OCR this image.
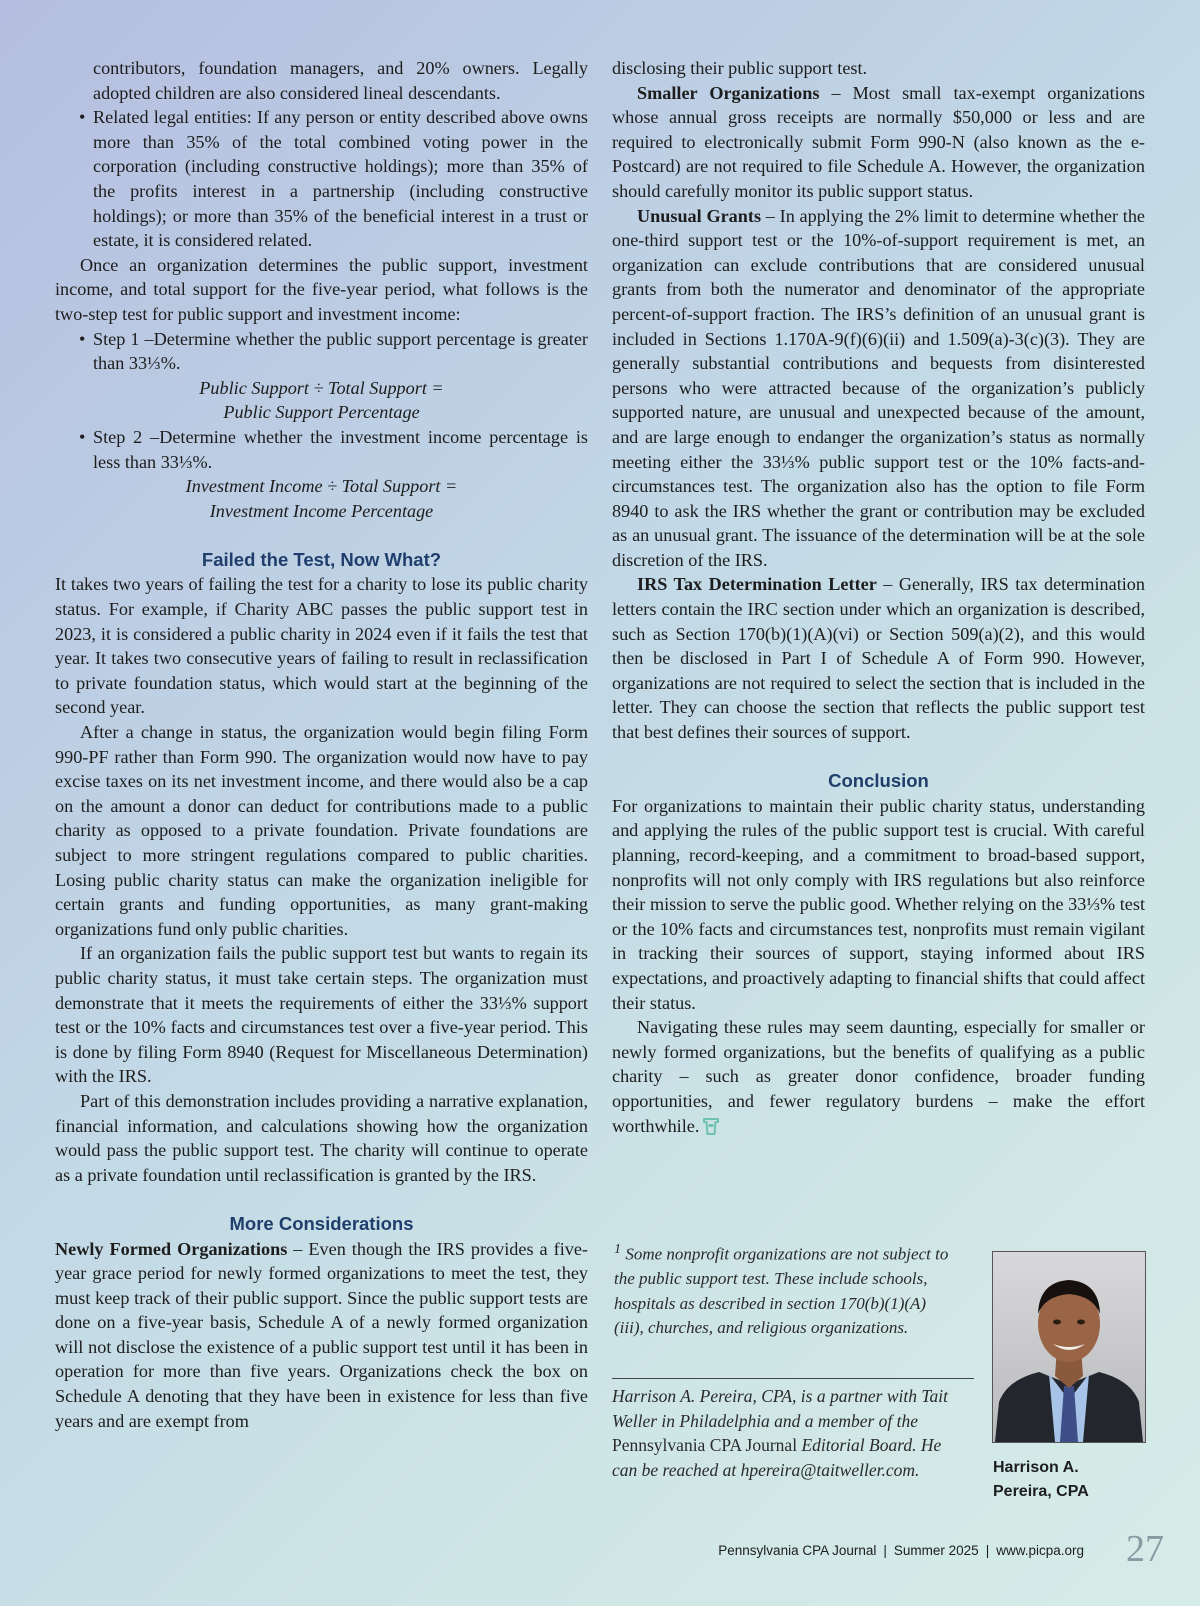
contributors, foundation managers, and 20% owners. Legally adopted children are also considered lineal descendants.

• Related legal entities: If any person or entity described above owns more than 35% of the total combined voting power in the corporation (including constructive holdings); more than 35% of the profits interest in a partnership (including constructive holdings); or more than 35% of the beneficial interest in a trust or estate, it is considered related.

Once an organization determines the public support, investment income, and total support for the five-year period, what follows is the two-step test for public support and investment income:

• Step 1 –Determine whether the public support percentage is greater than 33⅓%.

Public Support ÷ Total Support =

Public Support Percentage

• Step 2 –Determine whether the investment income percentage is less than 33⅓%.

Investment Income ÷ Total Support =

Investment Income Percentage

Failed the Test, Now What?

It takes two years of failing the test for a charity to lose its public charity status. For example, if Charity ABC passes the public support test in 2023, it is considered a public charity in 2024 even if it fails the test that year. It takes two consecutive years of failing to result in reclassification to private foundation status, which would start at the beginning of the second year.

After a change in status, the organization would begin filing Form 990-PF rather than Form 990. The organization would now have to pay excise taxes on its net investment income, and there would also be a cap on the amount a donor can deduct for contributions made to a public charity as opposed to a private foundation. Private foundations are subject to more stringent regulations compared to public charities. Losing public charity status can make the organization ineligible for certain grants and funding opportunities, as many grant-making organizations fund only public charities.

If an organization fails the public support test but wants to regain its public charity status, it must take certain steps. The organization must demonstrate that it meets the requirements of either the 33⅓% support test or the 10% facts and circumstances test over a five-year period. This is done by filing Form 8940 (Request for Miscellaneous Determination) with the IRS.

Part of this demonstration includes providing a narrative explanation, financial information, and calculations showing how the organization would pass the public support test. The charity will continue to operate as a private foundation until reclassification is granted by the IRS.

More Considerations

Newly Formed Organizations – Even though the IRS provides a five-year grace period for newly formed organizations to meet the test, they must keep track of their public support. Since the public support tests are done on a five-year basis, Schedule A of a newly formed organization will not disclose the existence of a public support test until it has been in operation for more than five years. Organizations check the box on Schedule A denoting that they have been in existence for less than five years and are exempt from

disclosing their public support test.

Smaller Organizations – Most small tax-exempt organizations whose annual gross receipts are normally $50,000 or less and are required to electronically submit Form 990-N (also known as the e-Postcard) are not required to file Schedule A. However, the organization should carefully monitor its public support status.

Unusual Grants – In applying the 2% limit to determine whether the one-third support test or the 10%-of-support requirement is met, an organization can exclude contributions that are considered unusual grants from both the numerator and denominator of the appropriate percent-of-support fraction. The IRS’s definition of an unusual grant is included in Sections 1.170A-9(f)(6)(ii) and 1.509(a)-3(c)(3). They are generally substantial contributions and bequests from disinterested persons who were attracted because of the organization’s publicly supported nature, are unusual and unexpected because of the amount, and are large enough to endanger the organization’s status as normally meeting either the 33⅓% public support test or the 10% facts-and-circumstances test. The organization also has the option to file Form 8940 to ask the IRS whether the grant or contribution may be excluded as an unusual grant. The issuance of the determination will be at the sole discretion of the IRS.

IRS Tax Determination Letter – Generally, IRS tax determination letters contain the IRC section under which an organization is described, such as Section 170(b)(1)(A)(vi) or Section 509(a)(2), and this would then be disclosed in Part I of Schedule A of Form 990. However, organizations are not required to select the section that is included in the letter. They can choose the section that reflects the public support test that best defines their sources of support.

Conclusion

For organizations to maintain their public charity status, understanding and applying the rules of the public support test is crucial. With careful planning, record-keeping, and a commitment to broad-based support, nonprofits will not only comply with IRS regulations but also reinforce their mission to serve the public good. Whether relying on the 33⅓% test or the 10% facts and circumstances test, nonprofits must remain vigilant in tracking their sources of support, staying informed about IRS expectations, and proactively adapting to financial shifts that could affect their status.

Navigating these rules may seem daunting, especially for smaller or newly formed organizations, but the benefits of qualifying as a public charity – such as greater donor confidence, broader funding opportunities, and fewer regulatory burdens – make the effort worthwhile.

$^1$ Some nonprofit organizations are not subject to the public support test. These include schools, hospitals as described in section 170(b)(1)(A)(iii), churches, and religious organizations.
Harrison A. Pereira, CPA, is a partner with Tait Weller in Philadelphia and a member of the Pennsylvania CPA Journal Editorial Board. He can be reached at hpereira@taitweller.com.	Harrison A.
Pereira, CPA
Pennsylvania CPA Journal | Summer 2025 | www.picpa.org 27
